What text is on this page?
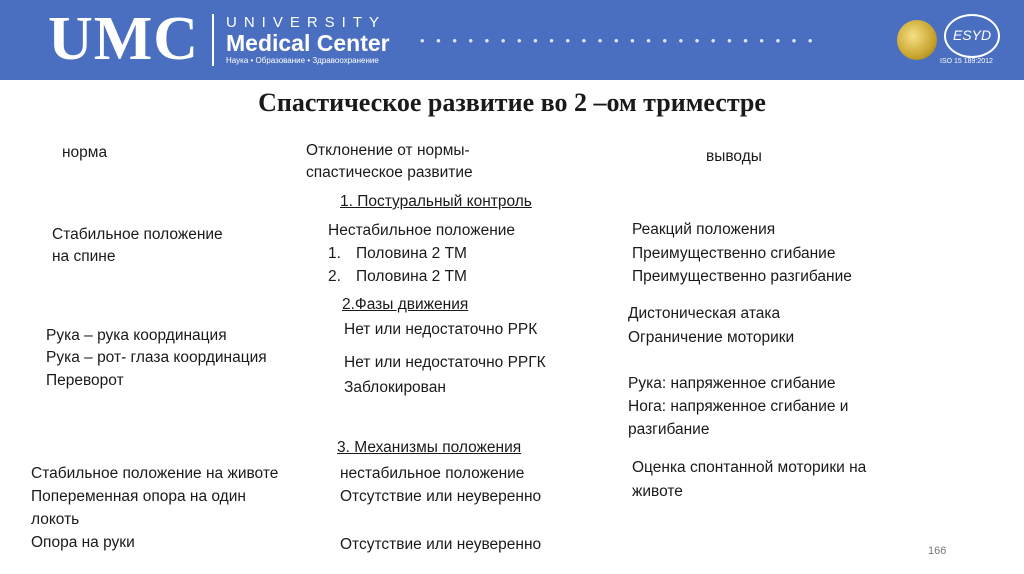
UMC UNIVERSITY
Medical Center
Наука • Образование • Здравоохранение
• • • • • • • • • • • • • • • • • • • • • • • • •	ESYD
ISO 15 189:2012
Спастическое развитие во 2 –ом триместре
норма	Отклонение от нормы-
спастическое развитие
выводы
1. Постуральный контроль
2.Фазы движения
3. Механизмы положения
Стабильное положение
на спине
Рука – рука координация
Рука – рот- глаза координация
Переворот
Стабильное положение на животе
Попеременная опора на один
локоть
Опора на руки
Нестабильное положение
1. Половина 2 ТМ
2. Половина 2 ТМ
Нет или недостаточно РРК
Нет или недостаточно РРГК
Заблокирован
нестабильное положение
Отсутствие или неуверенно
Отсутствие или неуверенно
Реакций положения
Преимущественно сгибание
Преимущественно разгибание
Дистоническая атака
Ограничение моторики
Рука: напряженное сгибание
Нога: напряженное сгибание и
разгибание
Оценка спонтанной моторики на
животе
166
